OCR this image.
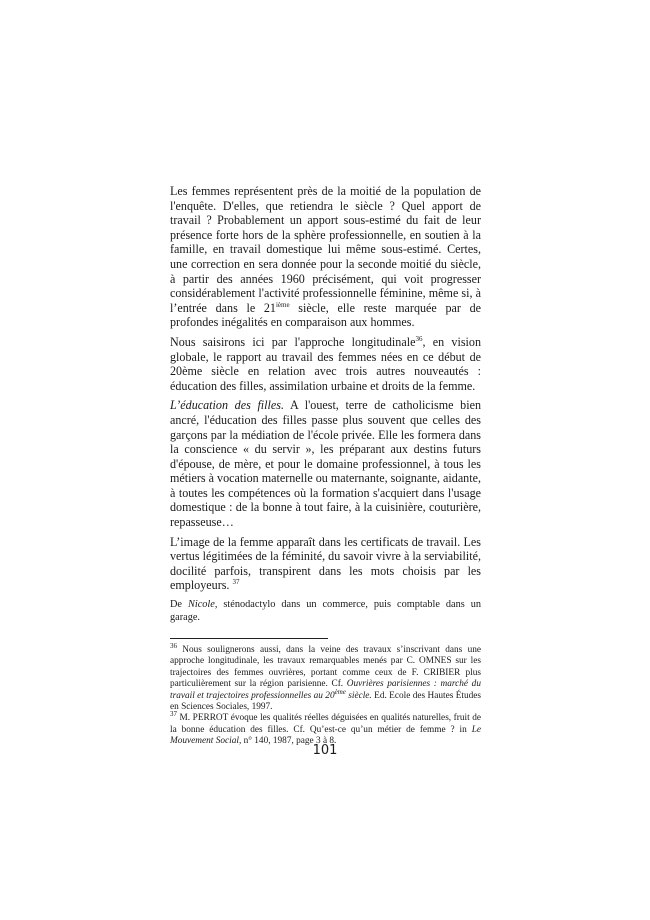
Les femmes représentent près de la moitié de la population de l'enquête. D'elles, que retiendra le siècle ? Quel apport de travail ? Probablement un apport sous-estimé du fait de leur présence forte hors de la sphère professionnelle, en soutien à la famille, en travail domestique lui même sous-estimé. Certes, une correction en sera donnée pour la seconde moitié du siècle, à partir des années 1960 précisément, qui voit progresser considérablement l'activité professionnelle féminine, même si, à l’entrée dans le 21ième siècle, elle reste marquée par de profondes inégalités en comparaison aux hommes.

Nous saisirons ici par l'approche longitudinale$^{36}$, en vision globale, le rapport au travail des femmes nées en ce début de 20ème siècle en relation avec trois autres nouveautés : éducation des filles, assimilation urbaine et droits de la femme.

L’éducation des filles. A l'ouest, terre de catholicisme bien ancré, l'éducation des filles passe plus souvent que celles des garçons par la médiation de l'école privée. Elle les formera dans la conscience « du servir », les préparant aux destins futurs d'épouse, de mère, et pour le domaine professionnel, à tous les métiers à vocation maternelle ou maternante, soignante, aidante, à toutes les compétences où la formation s'acquiert dans l'usage domestique : de la bonne à tout faire, à la cuisinière, couturière, repasseuse…

L’image de la femme apparaît dans les certificats de travail. Les vertus légitimées de la féminité, du savoir vivre à la serviabilité, docilité parfois, transpirent dans les mots choisis par les employeurs. $^{37}$

De Nicole, sténodactylo dans un commerce, puis comptable dans un garage.

$^{36}$ Nous soulignerons aussi, dans la veine des travaux s’inscrivant dans une approche longitudinale, les travaux remarquables menés par C. OMNES sur les trajectoires des femmes ouvrières, portant comme ceux de F. CRIBIER plus particulièrement sur la région parisienne. Cf. Ouvrières parisiennes : marché du travail et trajectoires professionnelles au 20ème siècle. Ed. Ecole des Hautes Études en Sciences Sociales, 1997.

$^{37}$ M. PERROT évoque les qualités réelles déguisées en qualités naturelles, fruit de la bonne éducation des filles. Cf. Qu’est-ce qu’un métier de femme ? in Le Mouvement Social, n° 140, 1987, page 3 à 8.

101
